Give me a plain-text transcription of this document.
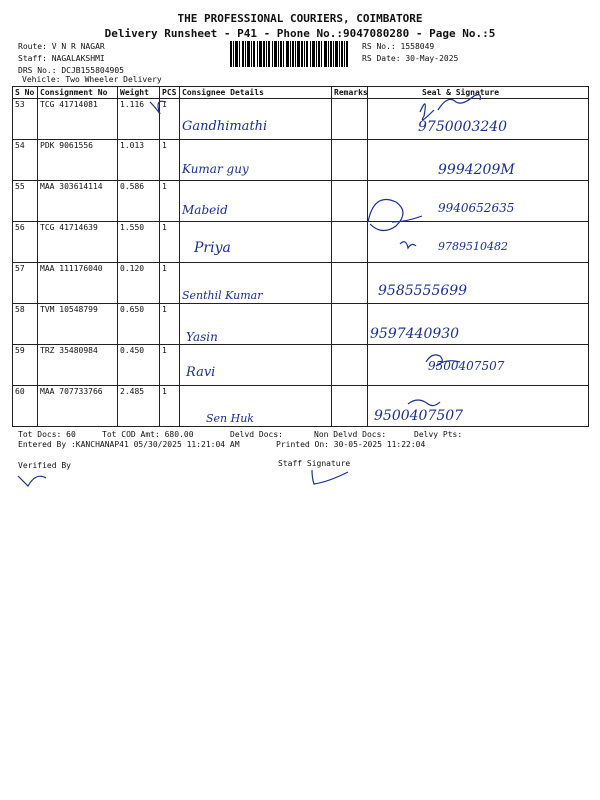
THE PROFESSIONAL COURIERS, COIMBATORE
Delivery Runsheet - P41 - Phone No.:9047080280 - Page No.:5
Route: V N R NAGAR
Staff: NAGALAKSHMI
DRS No.: DCJB155804905
Vehicle: Two Wheeler Delivery
RS No.: 1558049
RS Date: 30-May-2025
S No	Consignment No	Weight	PCS	Consignee Details	Remarks	Seal & Signature
53	TCG 41714081	1.116	1	Gandhimathi		9750003240

54	PDK 9061556	1.013	1	Kumar guy		9994209M

55	MAA 303614114	0.586	1	Mabeid		9940652635

56	TCG 41714639	1.550	1	Priya		9789510482

57	MAA 111176040	0.120	1	Senthil Kumar		9585555699

58	TVM 10548799	0.650	1	Yasin		9597440930

59	TRZ 35480984	0.450	1	Ravi		9500407507

60	MAA 707733766	2.485	1	Sen Huk		9500407507
Tot Docs: 60	Tot COD Amt: 680.00	Delvd Docs:	Non Delvd Docs:	Delvy Pts:
Entered By :KANCHANAP41 05/30/2025 11:21:04 AM	Printed On: 30-05-2025 11:22:04
Verified By	Staff Signature
